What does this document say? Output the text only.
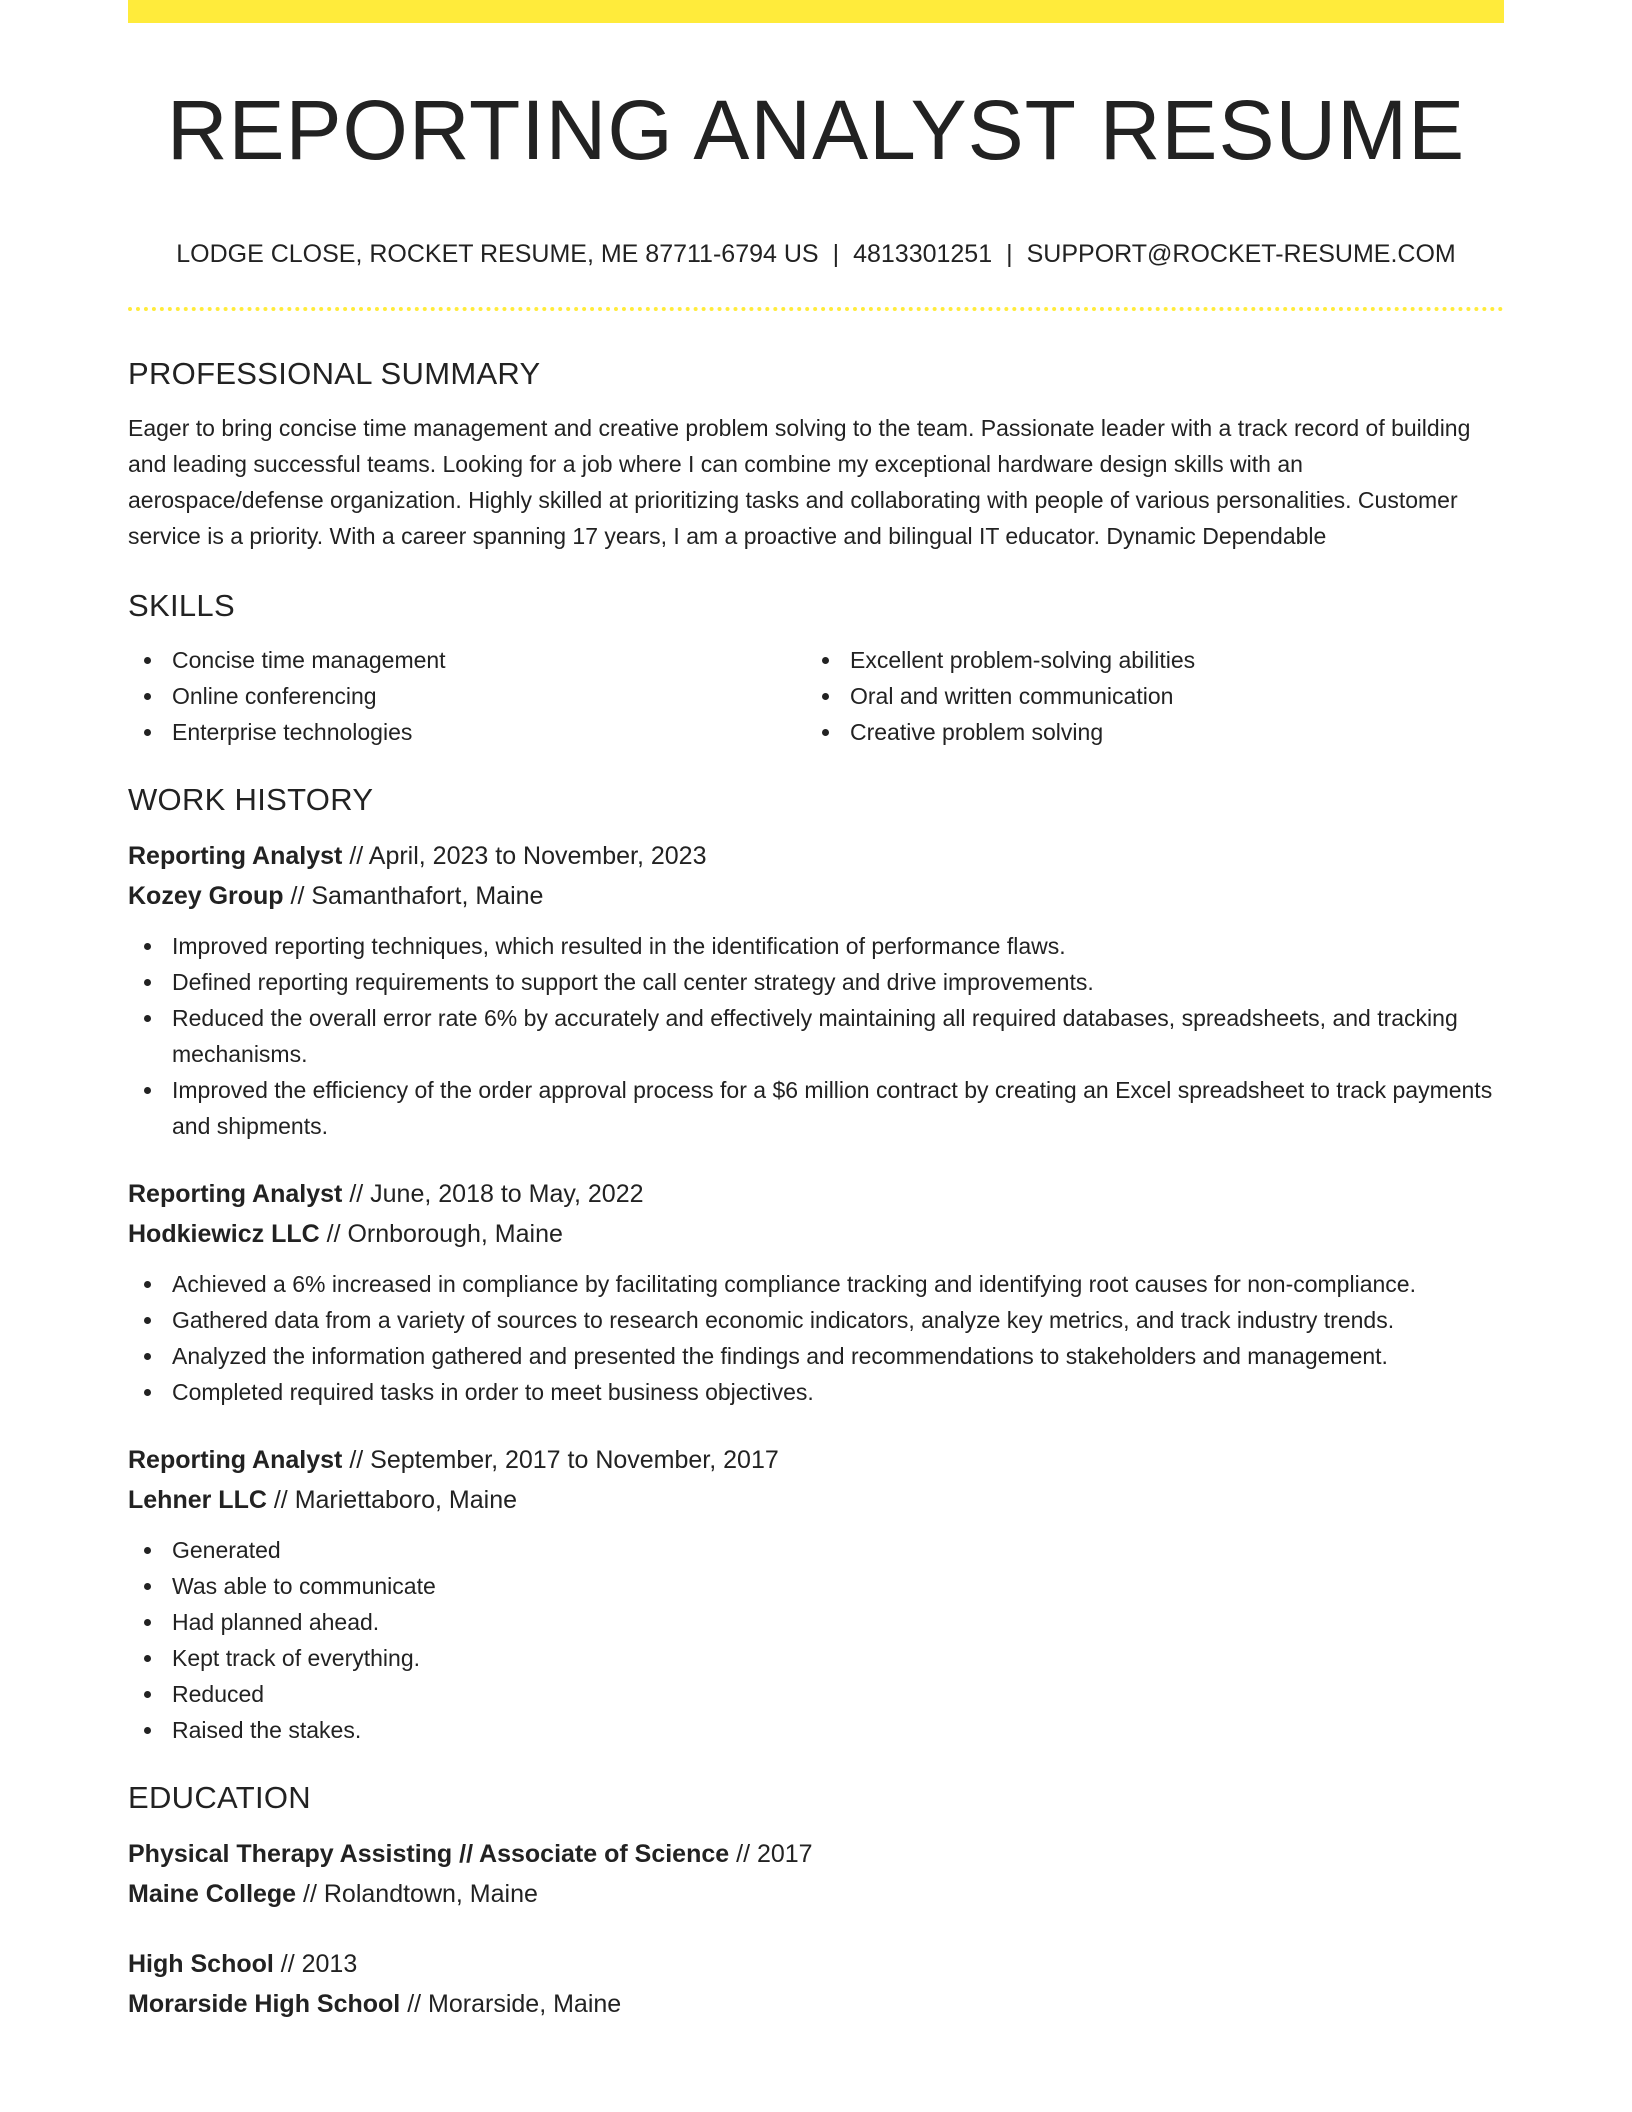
REPORTING ANALYST RESUME
LODGE CLOSE, ROCKET RESUME, ME 87711-6794 US | 4813301251 | SUPPORT@ROCKET-RESUME.COM
PROFESSIONAL SUMMARY

Eager to bring concise time management and creative problem solving to the team. Passionate leader with a track record of building and leading successful teams. Looking for a job where I can combine my exceptional hardware design skills with an aerospace/defense organization. Highly skilled at prioritizing tasks and collaborating with people of various personalities. Customer service is a priority. With a career spanning 17 years, I am a proactive and bilingual IT educator. Dynamic Dependable

SKILLS
Concise time management
Online conferencing
Enterprise technologies
Excellent problem-solving abilities
Oral and written communication
Creative problem solving
WORK HISTORY
Reporting Analyst // April, 2023 to November, 2023
Kozey Group // Samanthafort, Maine
Improved reporting techniques, which resulted in the identification of performance flaws.
Defined reporting requirements to support the call center strategy and drive improvements.
Reduced the overall error rate 6% by accurately and effectively maintaining all required databases, spreadsheets, and tracking mechanisms.
Improved the efficiency of the order approval process for a $6 million contract by creating an Excel spreadsheet to track payments and shipments.
Reporting Analyst // June, 2018 to May, 2022
Hodkiewicz LLC // Ornborough, Maine
Achieved a 6% increased in compliance by facilitating compliance tracking and identifying root causes for non-compliance.
Gathered data from a variety of sources to research economic indicators, analyze key metrics, and track industry trends.
Analyzed the information gathered and presented the findings and recommendations to stakeholders and management.
Completed required tasks in order to meet business objectives.
Reporting Analyst // September, 2017 to November, 2017
Lehner LLC // Mariettaboro, Maine
Generated
Was able to communicate
Had planned ahead.
Kept track of everything.
Reduced
Raised the stakes.
EDUCATION
Physical Therapy Assisting // Associate of Science // 2017
Maine College // Rolandtown, Maine
High School // 2013
Morarside High School // Morarside, Maine
